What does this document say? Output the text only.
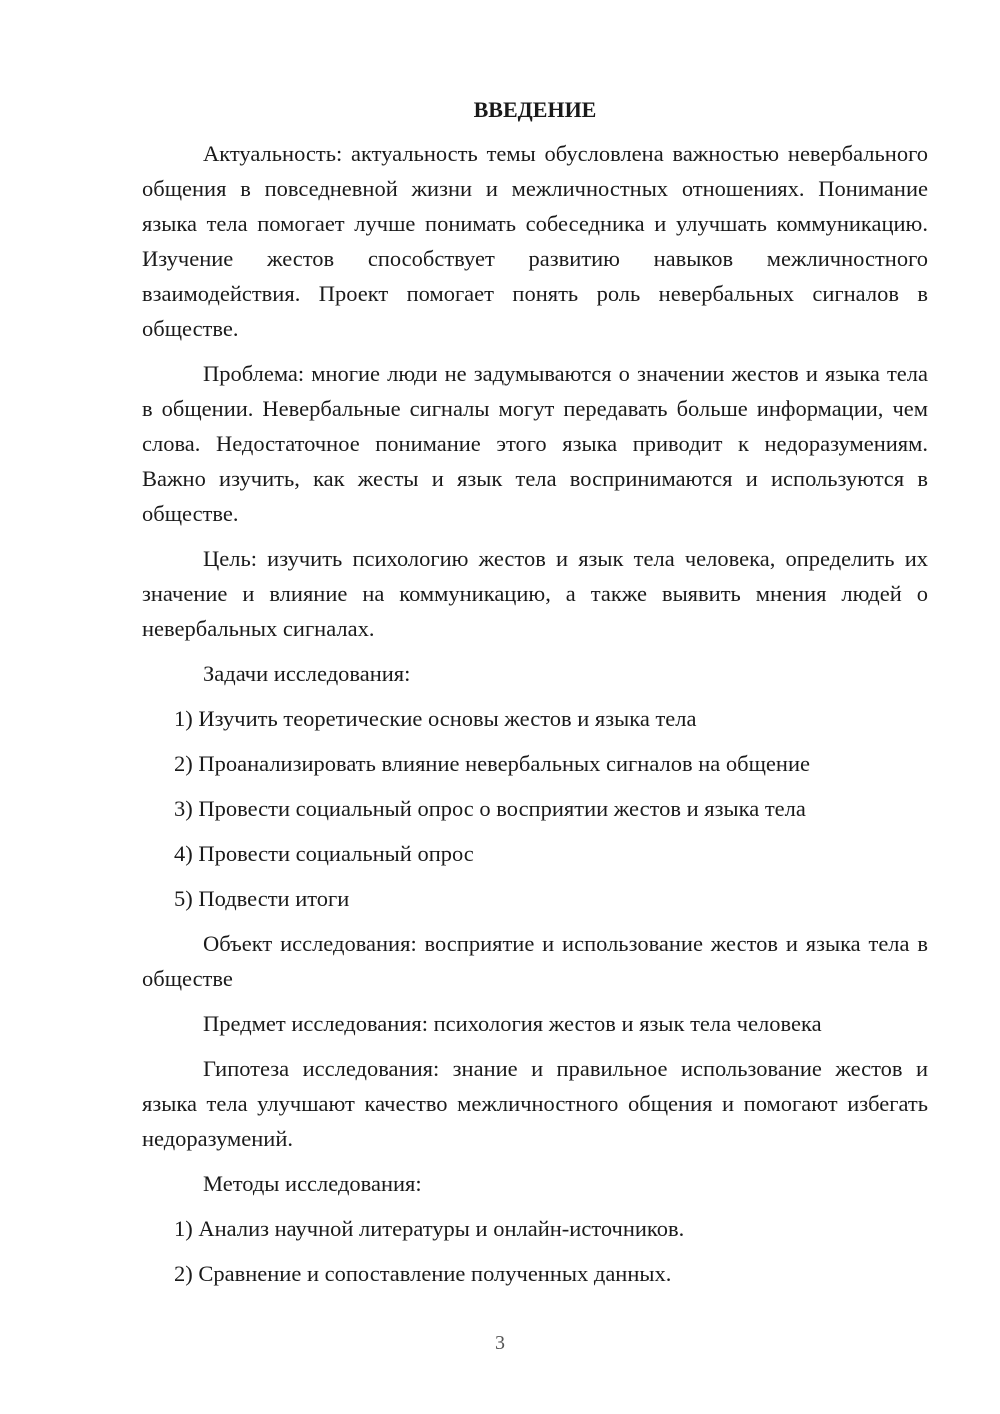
ВВЕДЕНИЕ

Актуальность: актуальность темы обусловлена важностью невербального общения в повседневной жизни и межличностных отношениях. Понимание языка тела помогает лучше понимать собеседника и улучшать коммуникацию. Изучение жестов способствует развитию навыков межличностного взаимодействия. Проект помогает понять роль невербальных сигналов в обществе.

Проблема: многие люди не задумываются о значении жестов и языка тела в общении. Невербальные сигналы могут передавать больше информации, чем слова. Недостаточное понимание этого языка приводит к недоразумениям. Важно изучить, как жесты и язык тела воспринимаются и используются в обществе.

Цель: изучить психологию жестов и язык тела человека, определить их значение и влияние на коммуникацию, а также выявить мнения людей о невербальных сигналах.

Задачи исследования:
1) Изучить теоретические основы жестов и языка тела
2) Проанализировать влияние невербальных сигналов на общение
3) Провести социальный опрос о восприятии жестов и языка тела
4) Провести социальный опрос
5) Подвести итоги

Объект исследования: восприятие и использование жестов и языка тела в обществе

Предмет исследования: психология жестов и язык тела человека

Гипотеза исследования: знание и правильное использование жестов и языка тела улучшают качество межличностного общения и помогают избегать недоразумений.

Методы исследования:
1) Анализ научной литературы и онлайн-источников.
2) Сравнение и сопоставление полученных данных.
3
